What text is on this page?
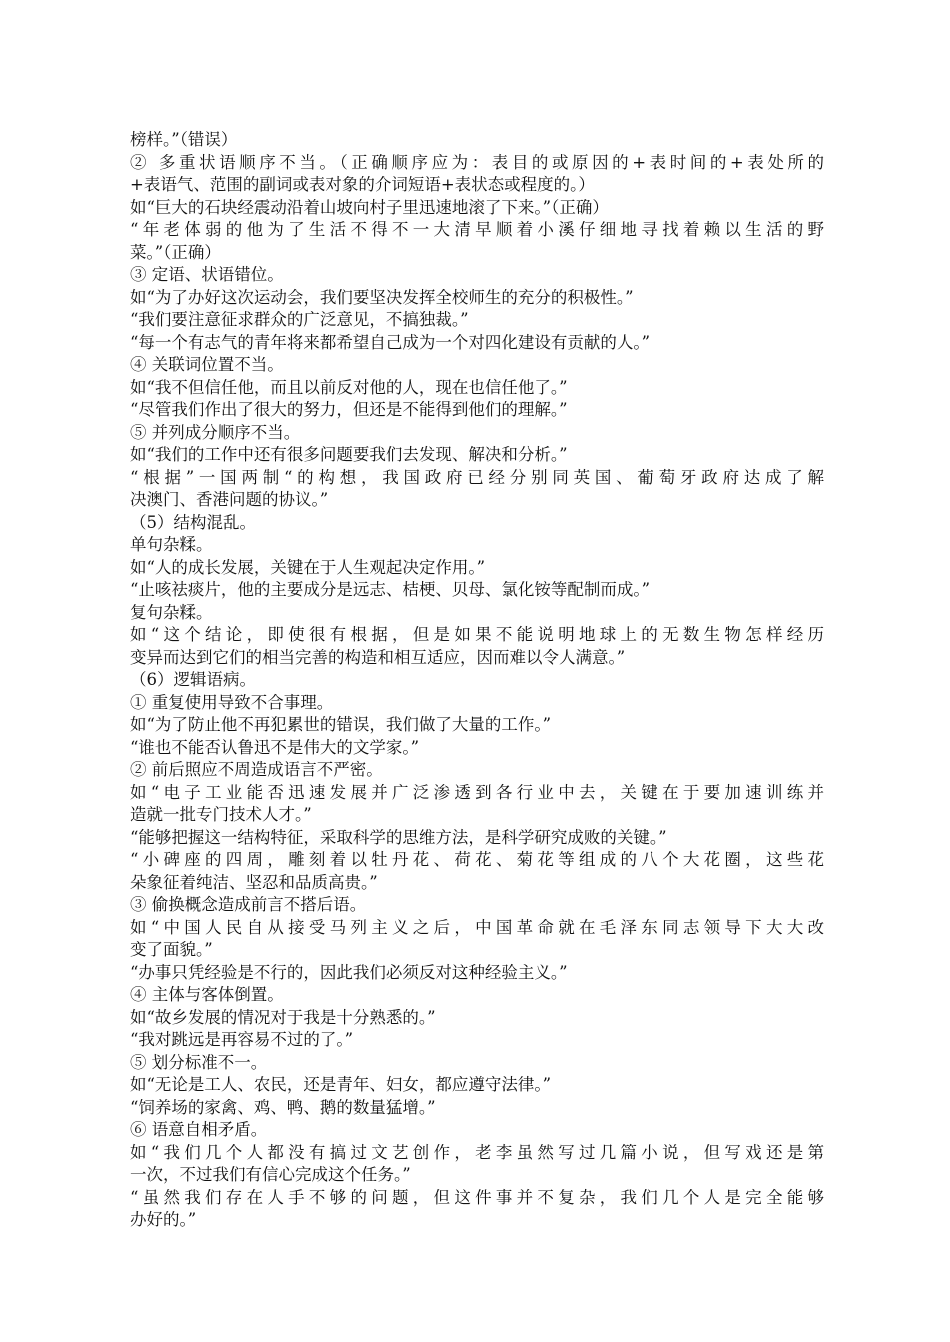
榜样。”（错误）
② 多重状语顺序不当。（正确顺序应为：表目的或原因的+表时间的+表处所的
+表语气、范围的副词或表对象的介词短语+表状态或程度的。）
如“巨大的石块经震动沿着山坡向村子里迅速地滚了下来。”（正确）
“年老体弱的他为了生活不得不一大清早顺着小溪仔细地寻找着赖以生活的野
菜。”（正确）
③ 定语、状语错位。
如“为了办好这次运动会，我们要坚决发挥全校师生的充分的积极性。”
“我们要注意征求群众的广泛意见，不搞独裁。”
“每一个有志气的青年将来都希望自己成为一个对四化建设有贡献的人。”
④ 关联词位置不当。
如“我不但信任他，而且以前反对他的人，现在也信任他了。”
“尽管我们作出了很大的努力，但还是不能得到他们的理解。”
⑤ 并列成分顺序不当。
如“我们的工作中还有很多问题要我们去发现、解决和分析。”
“根据”一国两制“的构想，我国政府已经分别同英国、葡萄牙政府达成了解
决澳门、香港问题的协议。”
（5）结构混乱。
单句杂糅。
如“人的成长发展，关键在于人生观起决定作用。”
“止咳祛痰片，他的主要成分是远志、桔梗、贝母、氯化铵等配制而成。”
复句杂糅。
如“这个结论，即使很有根据，但是如果不能说明地球上的无数生物怎样经历
变异而达到它们的相当完善的构造和相互适应，因而难以令人满意。”
（6）逻辑语病。
① 重复使用导致不合事理。
如“为了防止他不再犯累世的错误，我们做了大量的工作。”
“谁也不能否认鲁迅不是伟大的文学家。”
② 前后照应不周造成语言不严密。
如“电子工业能否迅速发展并广泛渗透到各行业中去，关键在于要加速训练并
造就一批专门技术人才。”
“能够把握这一结构特征，采取科学的思维方法，是科学研究成败的关键。”
“小碑座的四周，雕刻着以牡丹花、荷花、菊花等组成的八个大花圈，这些花
朵象征着纯洁、坚忍和品质高贵。”
③ 偷换概念造成前言不搭后语。
如“中国人民自从接受马列主义之后，中国革命就在毛泽东同志领导下大大改
变了面貌。”
“办事只凭经验是不行的，因此我们必须反对这种经验主义。”
④ 主体与客体倒置。
如“故乡发展的情况对于我是十分熟悉的。”
“我对跳远是再容易不过的了。”
⑤ 划分标准不一。
如“无论是工人、农民，还是青年、妇女，都应遵守法律。”
“饲养场的家禽、鸡、鸭、鹅的数量猛增。”
⑥ 语意自相矛盾。
如“我们几个人都没有搞过文艺创作，老李虽然写过几篇小说，但写戏还是第
一次，不过我们有信心完成这个任务。”
“虽然我们存在人手不够的问题，但这件事并不复杂，我们几个人是完全能够
办好的。”
